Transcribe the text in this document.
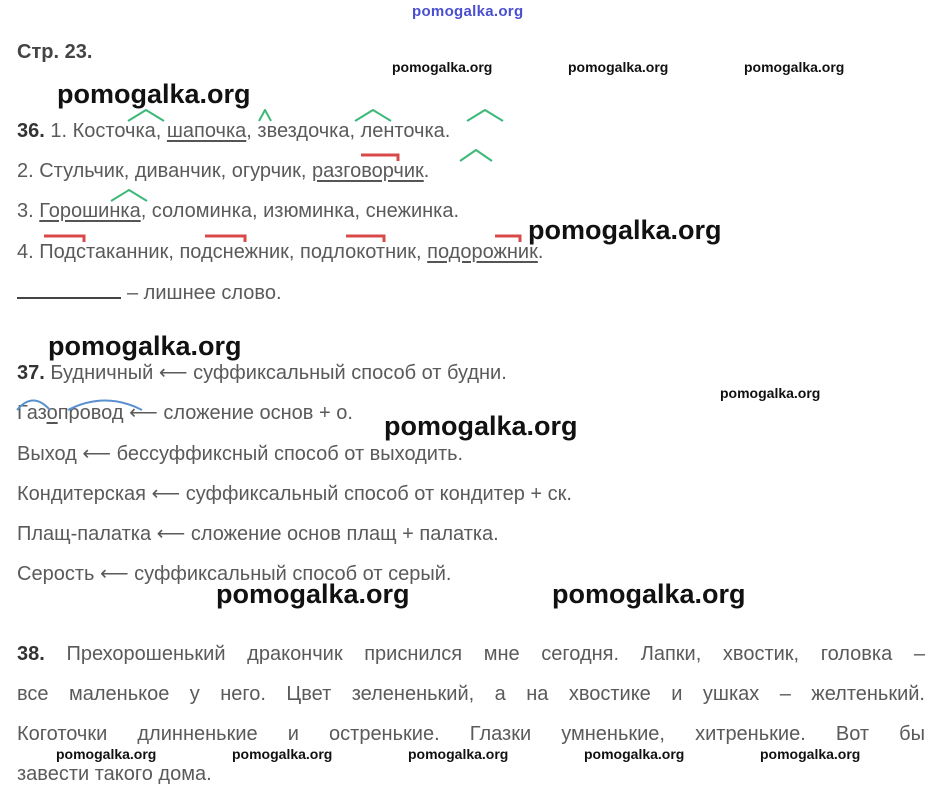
pomogalka.org
Стр. 23.
pomogalka.org	pomogalka.org	pomogalka.org
pomogalka.org
36. 1. Косточка, шапочка, звездочка, ленточка.
2. Стульчик, диванчик, огурчик, разговорчик.
3. Горошинка, соломинка, изюминка, снежинка.
pomogalka.org
4. Подстаканник, подснежник, подлокотник, подорожник.
– лишнее слово.
pomogalka.org
37. Будничный ⟵ суффиксальный способ от будни.
pomogalka.org
Газопровод ⟵ сложение основ + о. pomogalka.org
Выход ⟵ бессуффиксный способ от выходить.
Кондитерская ⟵ суффиксальный способ от кондитер + ск.
Плащ-палатка ⟵ сложение основ плащ + палатка.
Серость ⟵ суффиксальный способ от серый.
pomogalka.org	pomogalka.org
38. Прехорошенький дракончик приснился мне сегодня. Лапки, хвостик, головка –
все маленькое у него. Цвет зелененький, а на хвостике и ушках – желтенький.
Коготочки длинненькие и остренькие. Глазки умненькие, хитренькие. Вот бы
завести такого дома.
pomogalka.org	pomogalka.org	pomogalka.org	pomogalka.org	pomogalka.org
